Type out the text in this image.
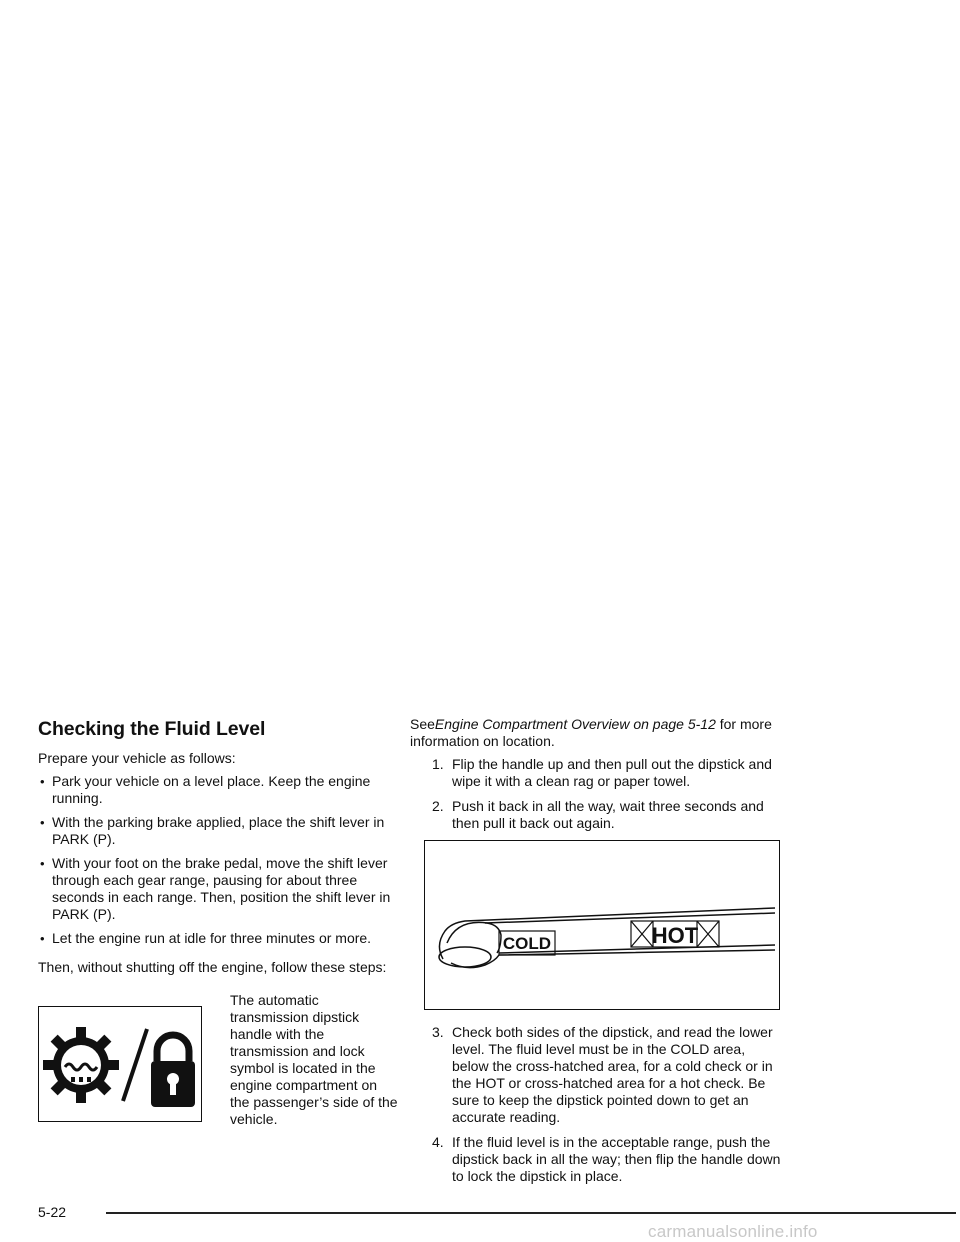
Checking the Fluid Level

Prepare your vehicle as follows:

• Park your vehicle on a level place. Keep the engine running.
• With the parking brake applied, place the shift lever in PARK (P).
• With your foot on the brake pedal, move the shift lever through each gear range, pausing for about three seconds in each range. Then, position the shift lever in PARK (P).
• Let the engine run at idle for three minutes or more.

Then, without shutting off the engine, follow these steps:

The automatic transmission dipstick handle with the transmission and lock symbol is located in the engine compartment on the passenger’s side of the vehicle.

SeeEngine Compartment Overview on page 5-12 for more information on location.

1. Flip the handle up and then pull out the dipstick and wipe it with a clean rag or paper towel.
2. Push it back in all the way, wait three seconds and then pull it back out again.
COLD	HOT
3. Check both sides of the dipstick, and read the lower level. The fluid level must be in the COLD area, below the cross-hatched area, for a cold check or in the HOT or cross-hatched area for a hot check. Be sure to keep the dipstick pointed down to get an accurate reading.
4. If the fluid level is in the acceptable range, push the dipstick back in all the way; then flip the handle down to lock the dipstick in place.
5-22
carmanualsonline.info
